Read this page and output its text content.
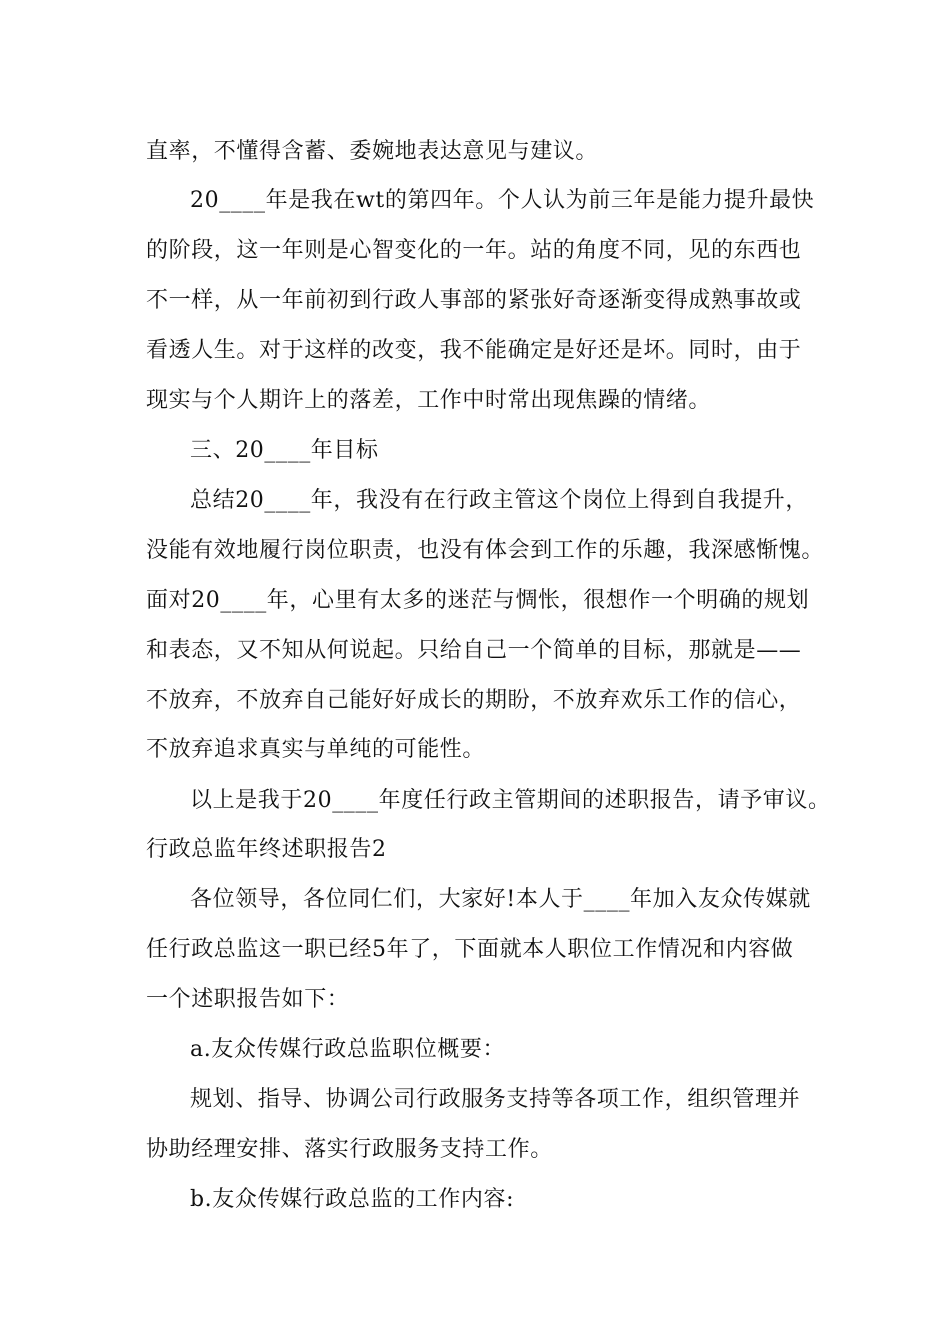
直率，不懂得含蓄、委婉地表达意见与建议。
20____年是我在wt的第四年。个人认为前三年是能力提升最快
的阶段，这一年则是心智变化的一年。站的角度不同，见的东西也
不一样，从一年前初到行政人事部的紧张好奇逐渐变得成熟事故或
看透人生。对于这样的改变，我不能确定是好还是坏。同时，由于
现实与个人期许上的落差，工作中时常出现焦躁的情绪。
三、20____年目标
总结20____年，我没有在行政主管这个岗位上得到自我提升，
没能有效地履行岗位职责，也没有体会到工作的乐趣，我深感惭愧。
面对20____年，心里有太多的迷茫与惆怅，很想作一个明确的规划
和表态，又不知从何说起。只给自己一个简单的目标，那就是——
不放弃，不放弃自己能好好成长的期盼，不放弃欢乐工作的信心，
不放弃追求真实与单纯的可能性。
以上是我于20____年度任行政主管期间的述职报告，请予审议。
行政总监年终述职报告2
各位领导，各位同仁们，大家好!本人于____年加入友众传媒就
任行政总监这一职已经5年了，下面就本人职位工作情况和内容做
一个述职报告如下：
a.友众传媒行政总监职位概要：
规划、指导、协调公司行政服务支持等各项工作，组织管理并
协助经理安排、落实行政服务支持工作。
b.友众传媒行政总监的工作内容:
